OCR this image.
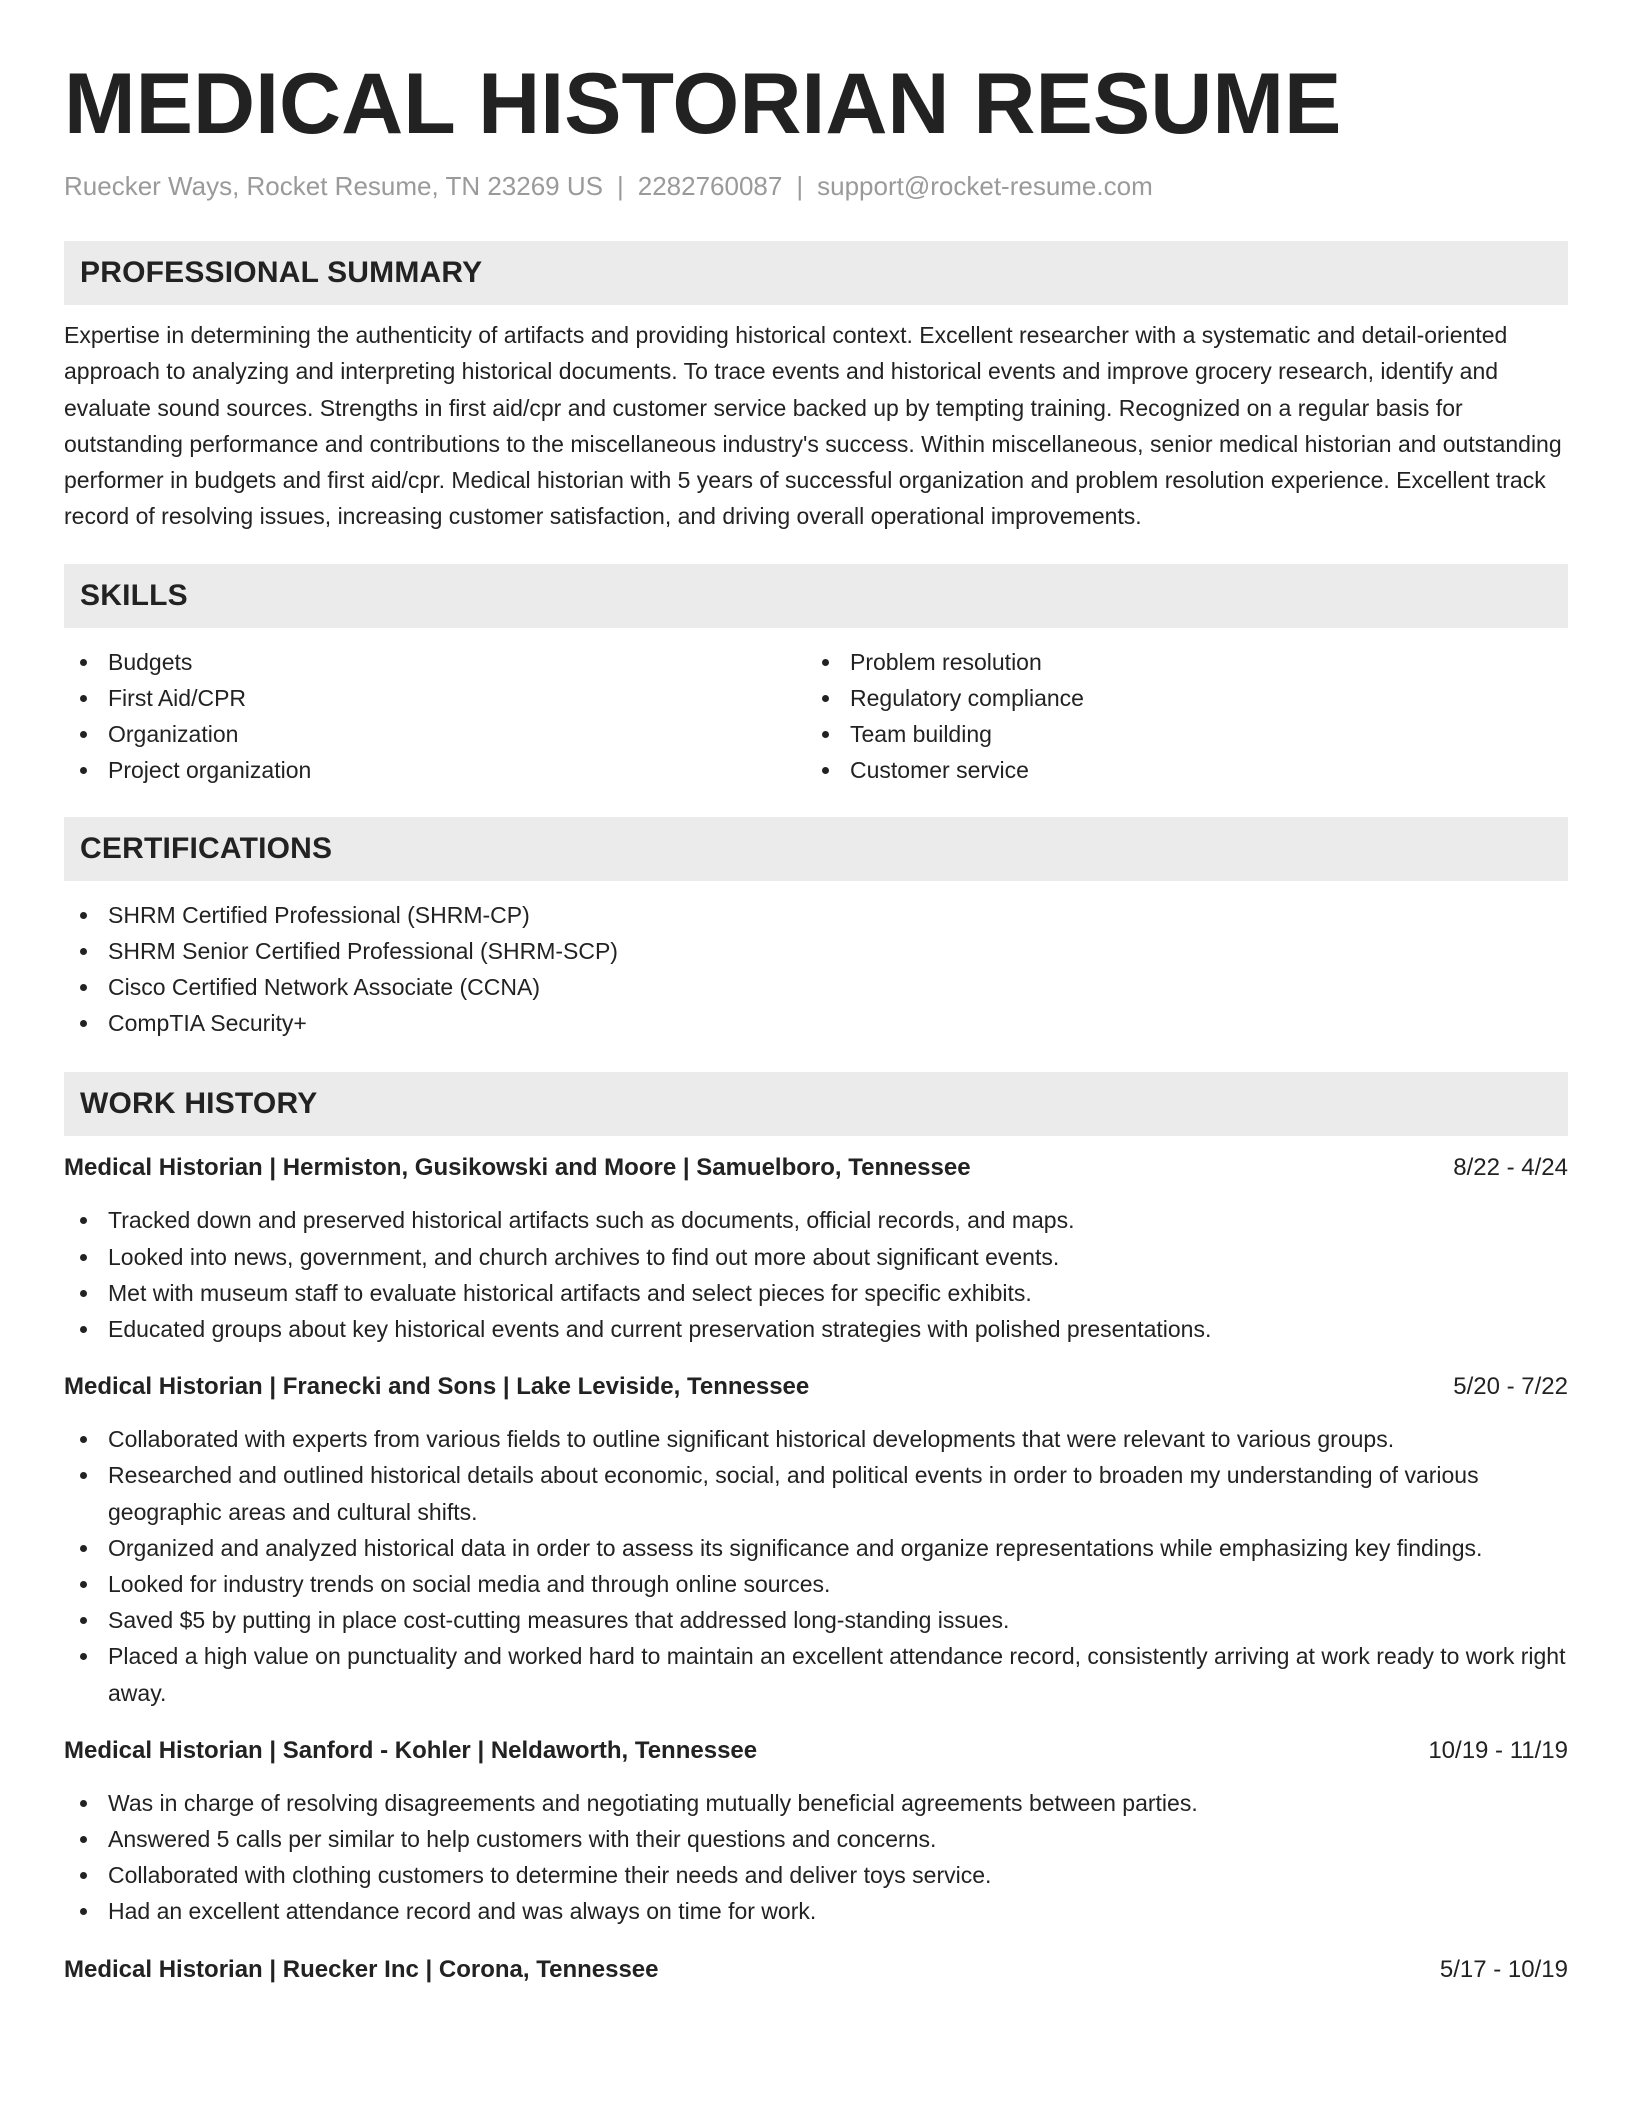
MEDICAL HISTORIAN RESUME
Ruecker Ways, Rocket Resume, TN 23269 US | 2282760087 | support@rocket-resume.com
PROFESSIONAL SUMMARY

Expertise in determining the authenticity of artifacts and providing historical context. Excellent researcher with a systematic and detail-oriented approach to analyzing and interpreting historical documents. To trace events and historical events and improve grocery research, identify and evaluate sound sources. Strengths in first aid/cpr and customer service backed up by tempting training. Recognized on a regular basis for outstanding performance and contributions to the miscellaneous industry's success. Within miscellaneous, senior medical historian and outstanding performer in budgets and first aid/cpr. Medical historian with 5 years of successful organization and problem resolution experience. Excellent track record of resolving issues, increasing customer satisfaction, and driving overall operational improvements.

SKILLS
Budgets
First Aid/CPR
Organization
Project organization
Problem resolution
Regulatory compliance
Team building
Customer service
CERTIFICATIONS
SHRM Certified Professional (SHRM-CP)
SHRM Senior Certified Professional (SHRM-SCP)
Cisco Certified Network Associate (CCNA)
CompTIA Security+
WORK HISTORY
Medical Historian | Hermiston, Gusikowski and Moore | Samuelboro, Tennessee	8/22 - 4/24
Tracked down and preserved historical artifacts such as documents, official records, and maps.
Looked into news, government, and church archives to find out more about significant events.
Met with museum staff to evaluate historical artifacts and select pieces for specific exhibits.
Educated groups about key historical events and current preservation strategies with polished presentations.
Medical Historian | Franecki and Sons | Lake Leviside, Tennessee	5/20 - 7/22
Collaborated with experts from various fields to outline significant historical developments that were relevant to various groups.
Researched and outlined historical details about economic, social, and political events in order to broaden my understanding of various geographic areas and cultural shifts.
Organized and analyzed historical data in order to assess its significance and organize representations while emphasizing key findings.
Looked for industry trends on social media and through online sources.
Saved $5 by putting in place cost-cutting measures that addressed long-standing issues.
Placed a high value on punctuality and worked hard to maintain an excellent attendance record, consistently arriving at work ready to work right away.
Medical Historian | Sanford - Kohler | Neldaworth, Tennessee	10/19 - 11/19
Was in charge of resolving disagreements and negotiating mutually beneficial agreements between parties.
Answered 5 calls per similar to help customers with their questions and concerns.
Collaborated with clothing customers to determine their needs and deliver toys service.
Had an excellent attendance record and was always on time for work.
Medical Historian | Ruecker Inc | Corona, Tennessee	5/17 - 10/19
